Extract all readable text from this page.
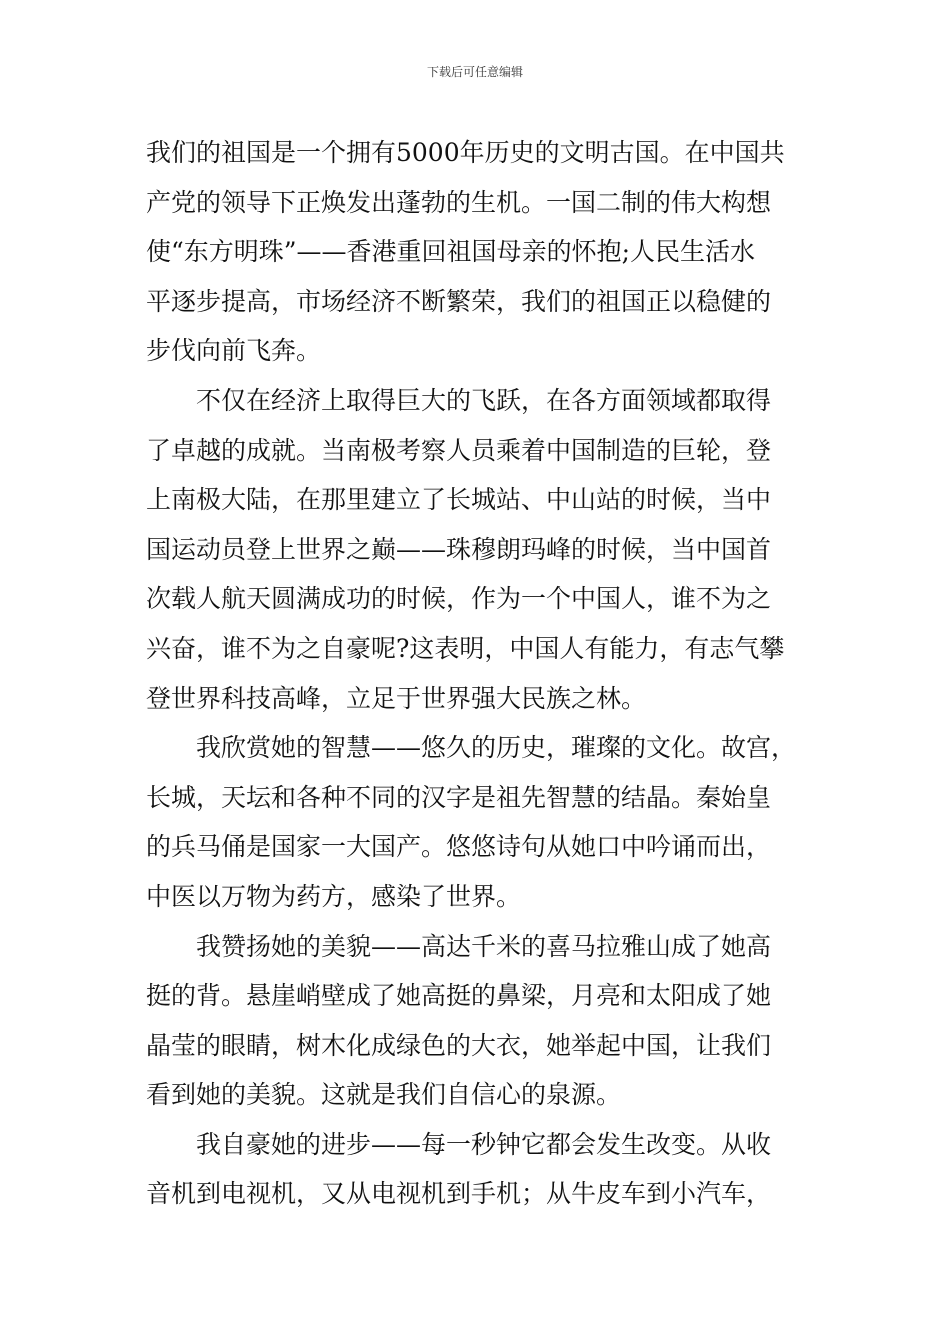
下载后可任意编辑
我们的祖国是一个拥有5000年历史的文明古国。在中国共
产党的领导下正焕发出蓬勃的生机。一国二制的伟大构想
使“东方明珠”——香港重回祖国母亲的怀抱;人民生活水
平逐步提高，市场经济不断繁荣，我们的祖国正以稳健的
步伐向前飞奔。
不仅在经济上取得巨大的飞跃，在各方面领域都取得
了卓越的成就。当南极考察人员乘着中国制造的巨轮，登
上南极大陆，在那里建立了长城站、中山站的时候，当中
国运动员登上世界之巅——珠穆朗玛峰的时候，当中国首
次载人航天圆满成功的时候，作为一个中国人，谁不为之
兴奋，谁不为之自豪呢?这表明，中国人有能力，有志气攀
登世界科技高峰，立足于世界强大民族之林。
我欣赏她的智慧——悠久的历史，璀璨的文化。故宫，
长城，天坛和各种不同的汉字是祖先智慧的结晶。秦始皇
的兵马俑是国家一大国产。悠悠诗句从她口中吟诵而出，
中医以万物为药方，感染了世界。
我赞扬她的美貌——高达千米的喜马拉雅山成了她高
挺的背。悬崖峭壁成了她高挺的鼻梁，月亮和太阳成了她
晶莹的眼睛，树木化成绿色的大衣，她举起中国，让我们
看到她的美貌。这就是我们自信心的泉源。
我自豪她的进步——每一秒钟它都会发生改变。从收
音机到电视机，又从电视机到手机；从牛皮车到小汽车，
